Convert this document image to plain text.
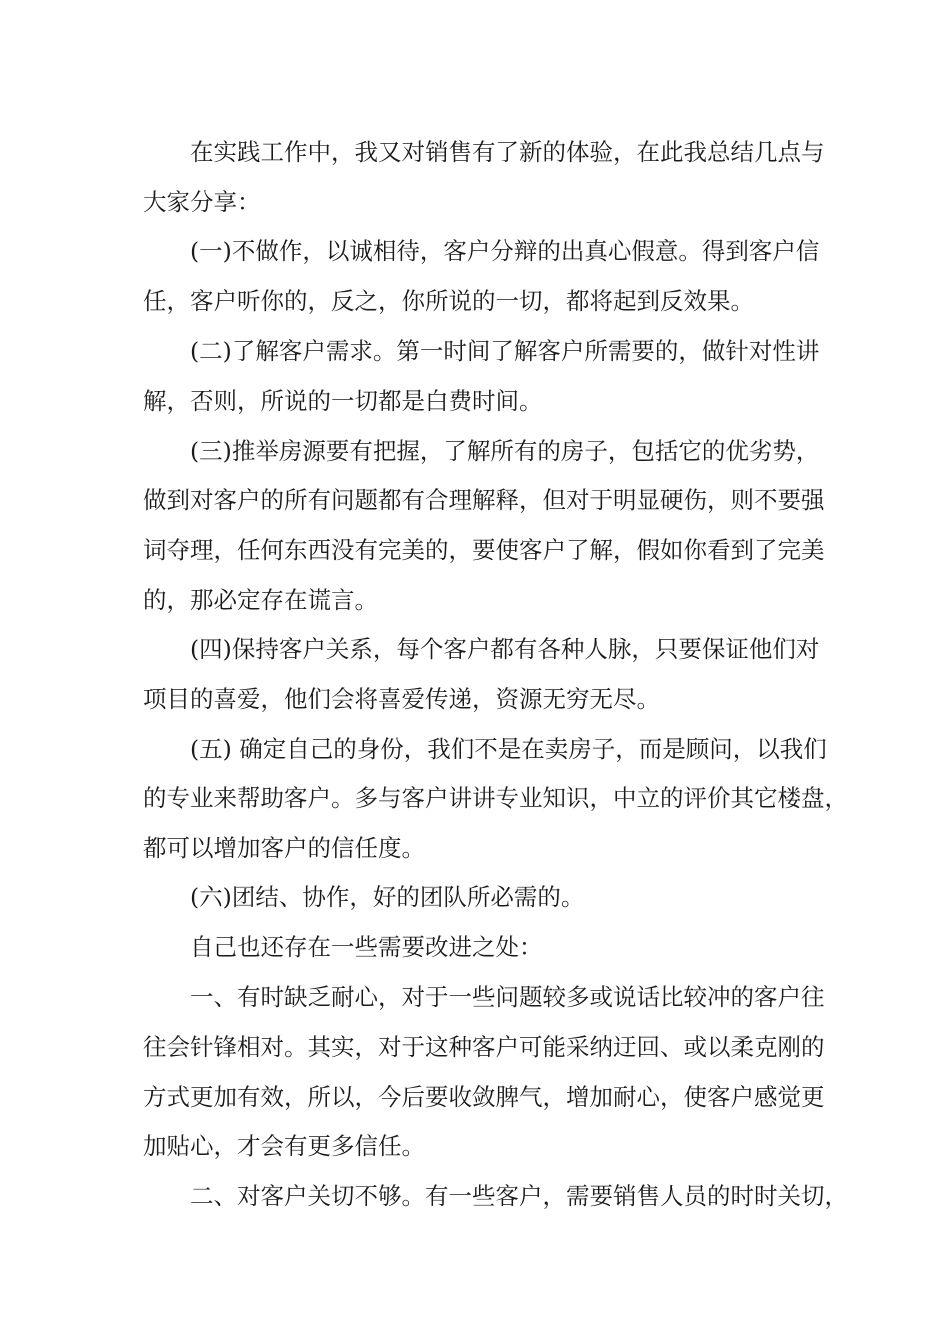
在实践工作中，我又对销售有了新的体验，在此我总结几点与
大家分享：
(一)不做作，以诚相待，客户分辩的出真心假意。得到客户信
任，客户听你的，反之，你所说的一切，都将起到反效果。
(二)了解客户需求。第一时间了解客户所需要的，做针对性讲
解，否则，所说的一切都是白费时间。
(三)推举房源要有把握，了解所有的房子，包括它的优劣势，
做到对客户的所有问题都有合理解释，但对于明显硬伤，则不要强
词夺理，任何东西没有完美的，要使客户了解，假如你看到了完美
的，那必定存在谎言。
(四)保持客户关系，每个客户都有各种人脉，只要保证他们对
项目的喜爱，他们会将喜爱传递，资源无穷无尽。
(五) 确定自己的身份，我们不是在卖房子，而是顾问，以我们
的专业来帮助客户。多与客户讲讲专业知识，中立的评价其它楼盘，
都可以增加客户的信任度。
(六)团结、协作，好的团队所必需的。
自己也还存在一些需要改进之处：
一、有时缺乏耐心，对于一些问题较多或说话比较冲的客户往
往会针锋相对。其实，对于这种客户可能采纳迂回、或以柔克刚的
方式更加有效，所以，今后要收敛脾气，增加耐心，使客户感觉更
加贴心，才会有更多信任。
二、对客户关切不够。有一些客户，需要销售人员的时时关切，
